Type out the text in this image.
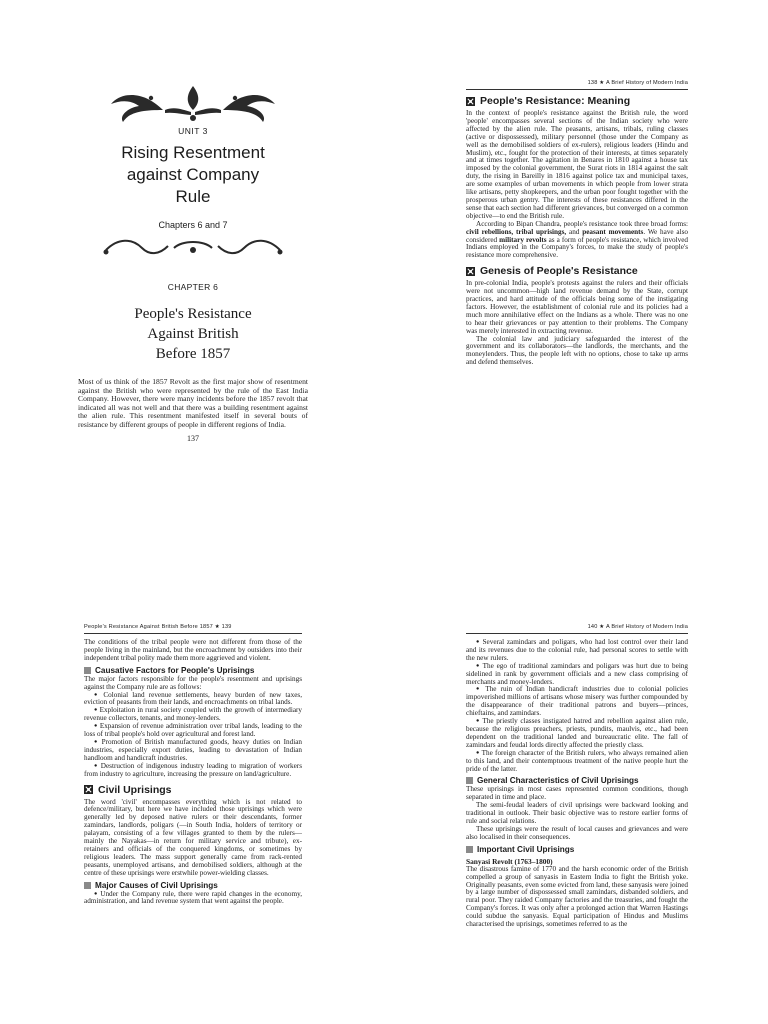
UNIT 3
Rising Resentment
against Company
Rule
Chapters 6 and 7
CHAPTER 6
People's Resistance
Against British
Before 1857

Most of us think of the 1857 Revolt as the first major show of resentment against the British who were represented by the rule of the East India Company. However, there were many incidents before the 1857 revolt that indicated all was not well and that there was a building resentment against the alien rule. This resentment manifested itself in several bouts of resistance by different groups of people in different regions of India.

137
138 ★ A Brief History of Modern India
People's Resistance: Meaning

In the context of people's resistance against the British rule, the word 'people' encompasses several sections of the Indian society who were affected by the alien rule. The peasants, artisans, tribals, ruling classes (active or dispossessed), military personnel (those under the Company as well as the demobilised soldiers of ex-rulers), religious leaders (Hindu and Muslim), etc., fought for the protection of their interests, at times separately and at times together. The agitation in Benares in 1810 against a house tax imposed by the colonial government, the Surat riots in 1814 against the salt duty, the rising in Bareilly in 1816 against police tax and municipal taxes, are some examples of urban movements in which people from lower strata like artisans, petty shopkeepers, and the urban poor fought together with the prosperous urban gentry. The interests of these resistances differed in the sense that each section had different grievances, but converged on a common objective—to end the British rule.

According to Bipan Chandra, people's resistance took three broad forms: civil rebellions, tribal uprisings, and peasant movements. We have also considered military revolts as a form of people's resistance, which involved Indians employed in the Company's forces, to make the study of people's resistance more comprehensive.

Genesis of People's Resistance

In pre-colonial India, people's protests against the rulers and their officials were not uncommon—high land revenue demand by the State, corrupt practices, and hard attitude of the officials being some of the instigating factors. However, the establishment of colonial rule and its policies had a much more annihilative effect on the Indians as a whole. There was no one to hear their grievances or pay attention to their problems. The Company was merely interested in extracting revenue.

The colonial law and judiciary safeguarded the interest of the government and its collaborators—the landlords, the merchants, and the moneylenders. Thus, the people left with no options, chose to take up arms and defend themselves.

People's Resistance Against British Before 1857 ★ 139

The conditions of the tribal people were not different from those of the people living in the mainland, but the encroachment by outsiders into their independent tribal polity made them more aggrieved and violent.

Causative Factors for People's Uprisings

The major factors responsible for the people's resentment and uprisings against the Company rule are as follows:

● Colonial land revenue settlements, heavy burden of new taxes, eviction of peasants from their lands, and encroachments on tribal lands.

● Exploitation in rural society coupled with the growth of intermediary revenue collectors, tenants, and money-lenders.

● Expansion of revenue administration over tribal lands, leading to the loss of tribal people's hold over agricultural and forest land.

● Promotion of British manufactured goods, heavy duties on Indian industries, especially export duties, leading to devastation of Indian handloom and handicraft industries.

● Destruction of indigenous industry leading to migration of workers from industry to agriculture, increasing the pressure on land/agriculture.

Civil Uprisings

The word 'civil' encompasses everything which is not related to defence/military, but here we have included those uprisings which were generally led by deposed native rulers or their descendants, former zamindars, landlords, poligars (—in South India, holders of territory or palayam, consisting of a few villages granted to them by the rulers—mainly the Nayakas—in return for military service and tribute), ex-retainers and officials of the conquered kingdoms, or sometimes by religious leaders. The mass support generally came from rack-rented peasants, unemployed artisans, and demobilised soldiers, although at the centre of these uprisings were erstwhile power-wielding classes.

Major Causes of Civil Uprisings

● Under the Company rule, there were rapid changes in the economy, administration, and land revenue system that went against the people.

140 ★ A Brief History of Modern India

● Several zamindars and poligars, who had lost control over their land and its revenues due to the colonial rule, had personal scores to settle with the new rulers.

● The ego of traditional zamindars and poligars was hurt due to being sidelined in rank by government officials and a new class comprising of merchants and money-lenders.

● The ruin of Indian handicraft industries due to colonial policies impoverished millions of artisans whose misery was further compounded by the disappearance of their traditional patrons and buyers—princes, chieftains, and zamindars.

● The priestly classes instigated hatred and rebellion against alien rule, because the religious preachers, priests, pundits, maulvis, etc., had been dependent on the traditional landed and bureaucratic elite. The fall of zamindars and feudal lords directly affected the priestly class.

● The foreign character of the British rulers, who always remained alien to this land, and their contemptuous treatment of the native people hurt the pride of the latter.

General Characteristics of Civil Uprisings

These uprisings in most cases represented common conditions, though separated in time and place.

The semi-feudal leaders of civil uprisings were backward looking and traditional in outlook. Their basic objective was to restore earlier forms of rule and social relations.

These uprisings were the result of local causes and grievances and were also localised in their consequences.

Important Civil Uprisings
Sanyasi Revolt (1763–1800)

The disastrous famine of 1770 and the harsh economic order of the British compelled a group of sanyasis in Eastern India to fight the British yoke. Originally peasants, even some evicted from land, these sanyasis were joined by a large number of dispossessed small zamindars, disbanded soldiers, and rural poor. They raided Company factories and the treasuries, and fought the Company's forces. It was only after a prolonged action that Warren Hastings could subdue the sanyasis. Equal participation of Hindus and Muslims characterised the uprisings, sometimes referred to as the
